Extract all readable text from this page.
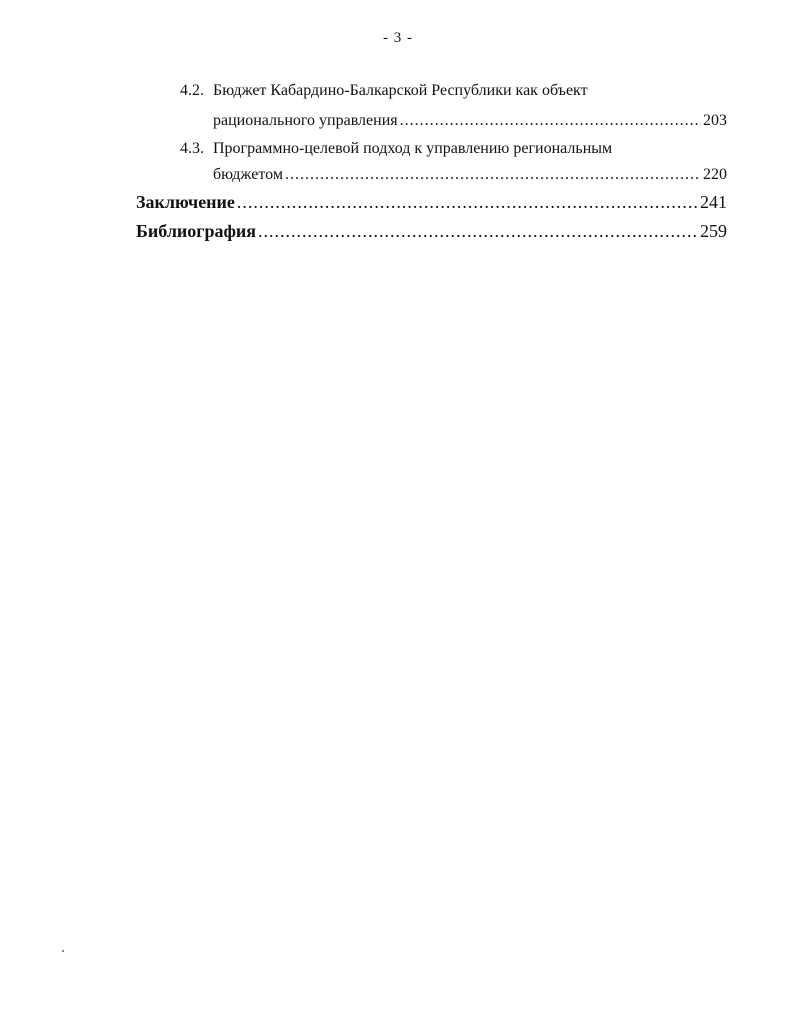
- 3 -
4.2. Бюджет Кабардино-Балкарской Республики как объект
рационального управления .....	203
4.3. Программно-целевой подход к управлению региональным
бюджетом .....	220
Заключение .....	241
Библиография .....	259
